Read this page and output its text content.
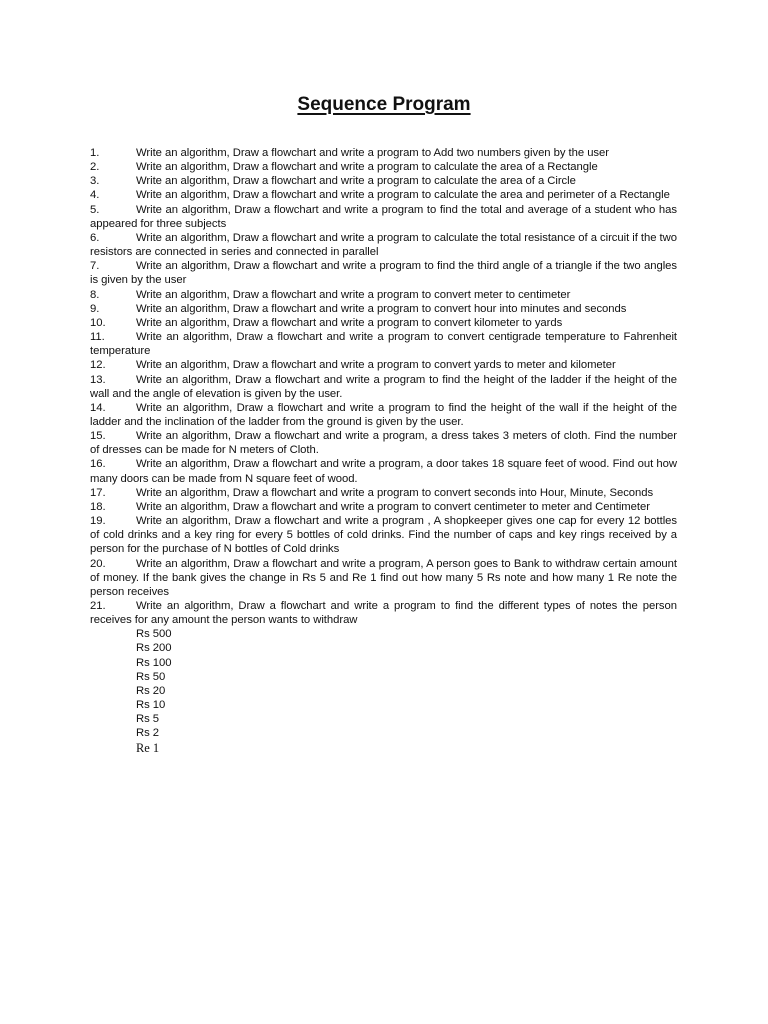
Sequence Program
1.	Write an algorithm, Draw a flowchart and write a program to Add two numbers given by the user
2.	Write an algorithm, Draw a flowchart and write a program to calculate the area of a Rectangle
3.	Write an algorithm, Draw a flowchart and write a program to calculate the area of a Circle
4.	Write an algorithm, Draw a flowchart and write a program to calculate the area and perimeter of a Rectangle
5.	Write an algorithm, Draw a flowchart and write a program to find the total and average of a student who has appeared for three subjects
6.	Write an algorithm, Draw a flowchart and write a program to calculate the total resistance of a circuit if the two resistors are connected in series and connected in parallel
7.	Write an algorithm, Draw a flowchart and write a program to find the third angle of a triangle if the two angles is given by the user
8.	Write an algorithm, Draw a flowchart and write a program to convert meter to centimeter
9.	Write an algorithm, Draw a flowchart and write a program to convert hour into minutes and seconds
10.	Write an algorithm, Draw a flowchart and write a program to convert kilometer to yards
11.	Write an algorithm, Draw a flowchart and write a program to convert centigrade temperature to Fahrenheit temperature
12.	Write an algorithm, Draw a flowchart and write a program to convert yards to meter and kilometer
13.	Write an algorithm, Draw a flowchart and write a program to find the height of the ladder if the height of the wall and the angle of elevation is given by the user.
14.	Write an algorithm, Draw a flowchart and write a program to find the height of the wall if the height of the ladder and the inclination of the ladder from the ground is given by the user.
15.	Write an algorithm, Draw a flowchart and write a program, a dress takes 3 meters of cloth. Find the number of dresses can be made for N meters of Cloth.
16.	Write an algorithm, Draw a flowchart and write a program, a door takes 18 square feet of wood. Find out how many doors can be made from N square feet of wood.
17.	Write an algorithm, Draw a flowchart and write a program to convert seconds into Hour, Minute, Seconds
18.	Write an algorithm, Draw a flowchart and write a program to convert centimeter to meter and Centimeter
19.	Write an algorithm, Draw a flowchart and write a program , A shopkeeper gives one cap for every 12 bottles of cold drinks and a key ring for every 5 bottles of cold drinks. Find the number of caps and key rings received by a person for the purchase of N bottles of Cold drinks
20.	Write an algorithm, Draw a flowchart and write a program, A person goes to Bank to withdraw certain amount of money. If the bank gives the change in Rs 5 and Re 1 find out how many 5 Rs note and how many 1 Re note the person receives
21.	Write an algorithm, Draw a flowchart and write a program to find the different types of notes the person receives for any amount the person wants to withdraw
Rs 500
Rs 200
Rs 100
Rs 50
Rs 20
Rs 10
Rs 5
Rs 2
Re 1
